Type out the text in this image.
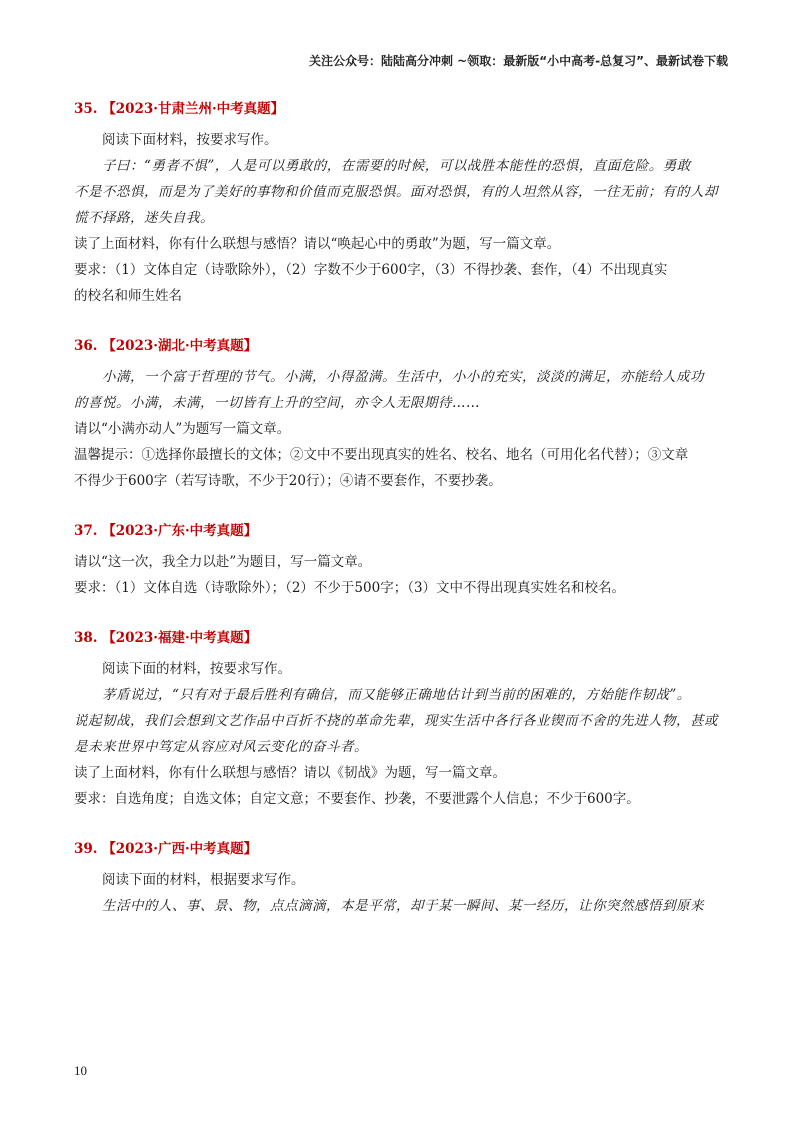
关注公众号：陆陆高分冲刺 ~领取：最新版“小中高考-总复习”、最新试卷下载
35. 【2023·甘肃兰州·中考真题】

阅读下面材料，按要求写作。

子曰：“勇者不惧”，人是可以勇敢的，在需要的时候，可以战胜本能性的恐惧，直面危险。勇敢

不是不恐惧，而是为了美好的事物和价值而克服恐惧。面对恐惧，有的人坦然从容，一往无前；有的人却

慌不择路，迷失自我。

读了上面材料，你有什么联想与感悟？请以“唤起心中的勇敢”为题，写一篇文章。

要求：（1）文体自定（诗歌除外），（2）字数不少于600字，（3）不得抄袭、套作，（4）不出现真实

的校名和师生姓名

36. 【2023·湖北·中考真题】

小满，一个富于哲理的节气。小满，小得盈满。生活中，小小的充实，淡淡的满足，亦能给人成功

的喜悦。小满，未满，一切皆有上升的空间，亦令人无限期待……

请以“小满亦动人”为题写一篇文章。

温馨提示：①选择你最擅长的文体；②文中不要出现真实的姓名、校名、地名（可用化名代替）；③文章

不得少于600字（若写诗歌，不少于20行）；④请不要套作，不要抄袭。

37. 【2023·广东·中考真题】

请以“这一次，我全力以赴”为题目，写一篇文章。

要求：（1）文体自选（诗歌除外）；（2）不少于500字；（3）文中不得出现真实姓名和校名。

38. 【2023·福建·中考真题】

阅读下面的材料，按要求写作。

茅盾说过，“只有对于最后胜利有确信，而又能够正确地估计到当前的困难的，方始能作韧战”。

说起韧战，我们会想到文艺作品中百折不挠的革命先辈，现实生活中各行各业锲而不舍的先进人物，甚或

是未来世界中笃定从容应对风云变化的奋斗者。

读了上面材料，你有什么联想与感悟？请以《韧战》为题，写一篇文章。

要求：自选角度；自选文体；自定文意；不要套作、抄袭，不要泄露个人信息；不少于600字。

39. 【2023·广西·中考真题】

阅读下面的材料，根据要求写作。

生活中的人、事、景、物，点点滴滴，本是平常，却于某一瞬间、某一经历，让你突然感悟到原来

10
